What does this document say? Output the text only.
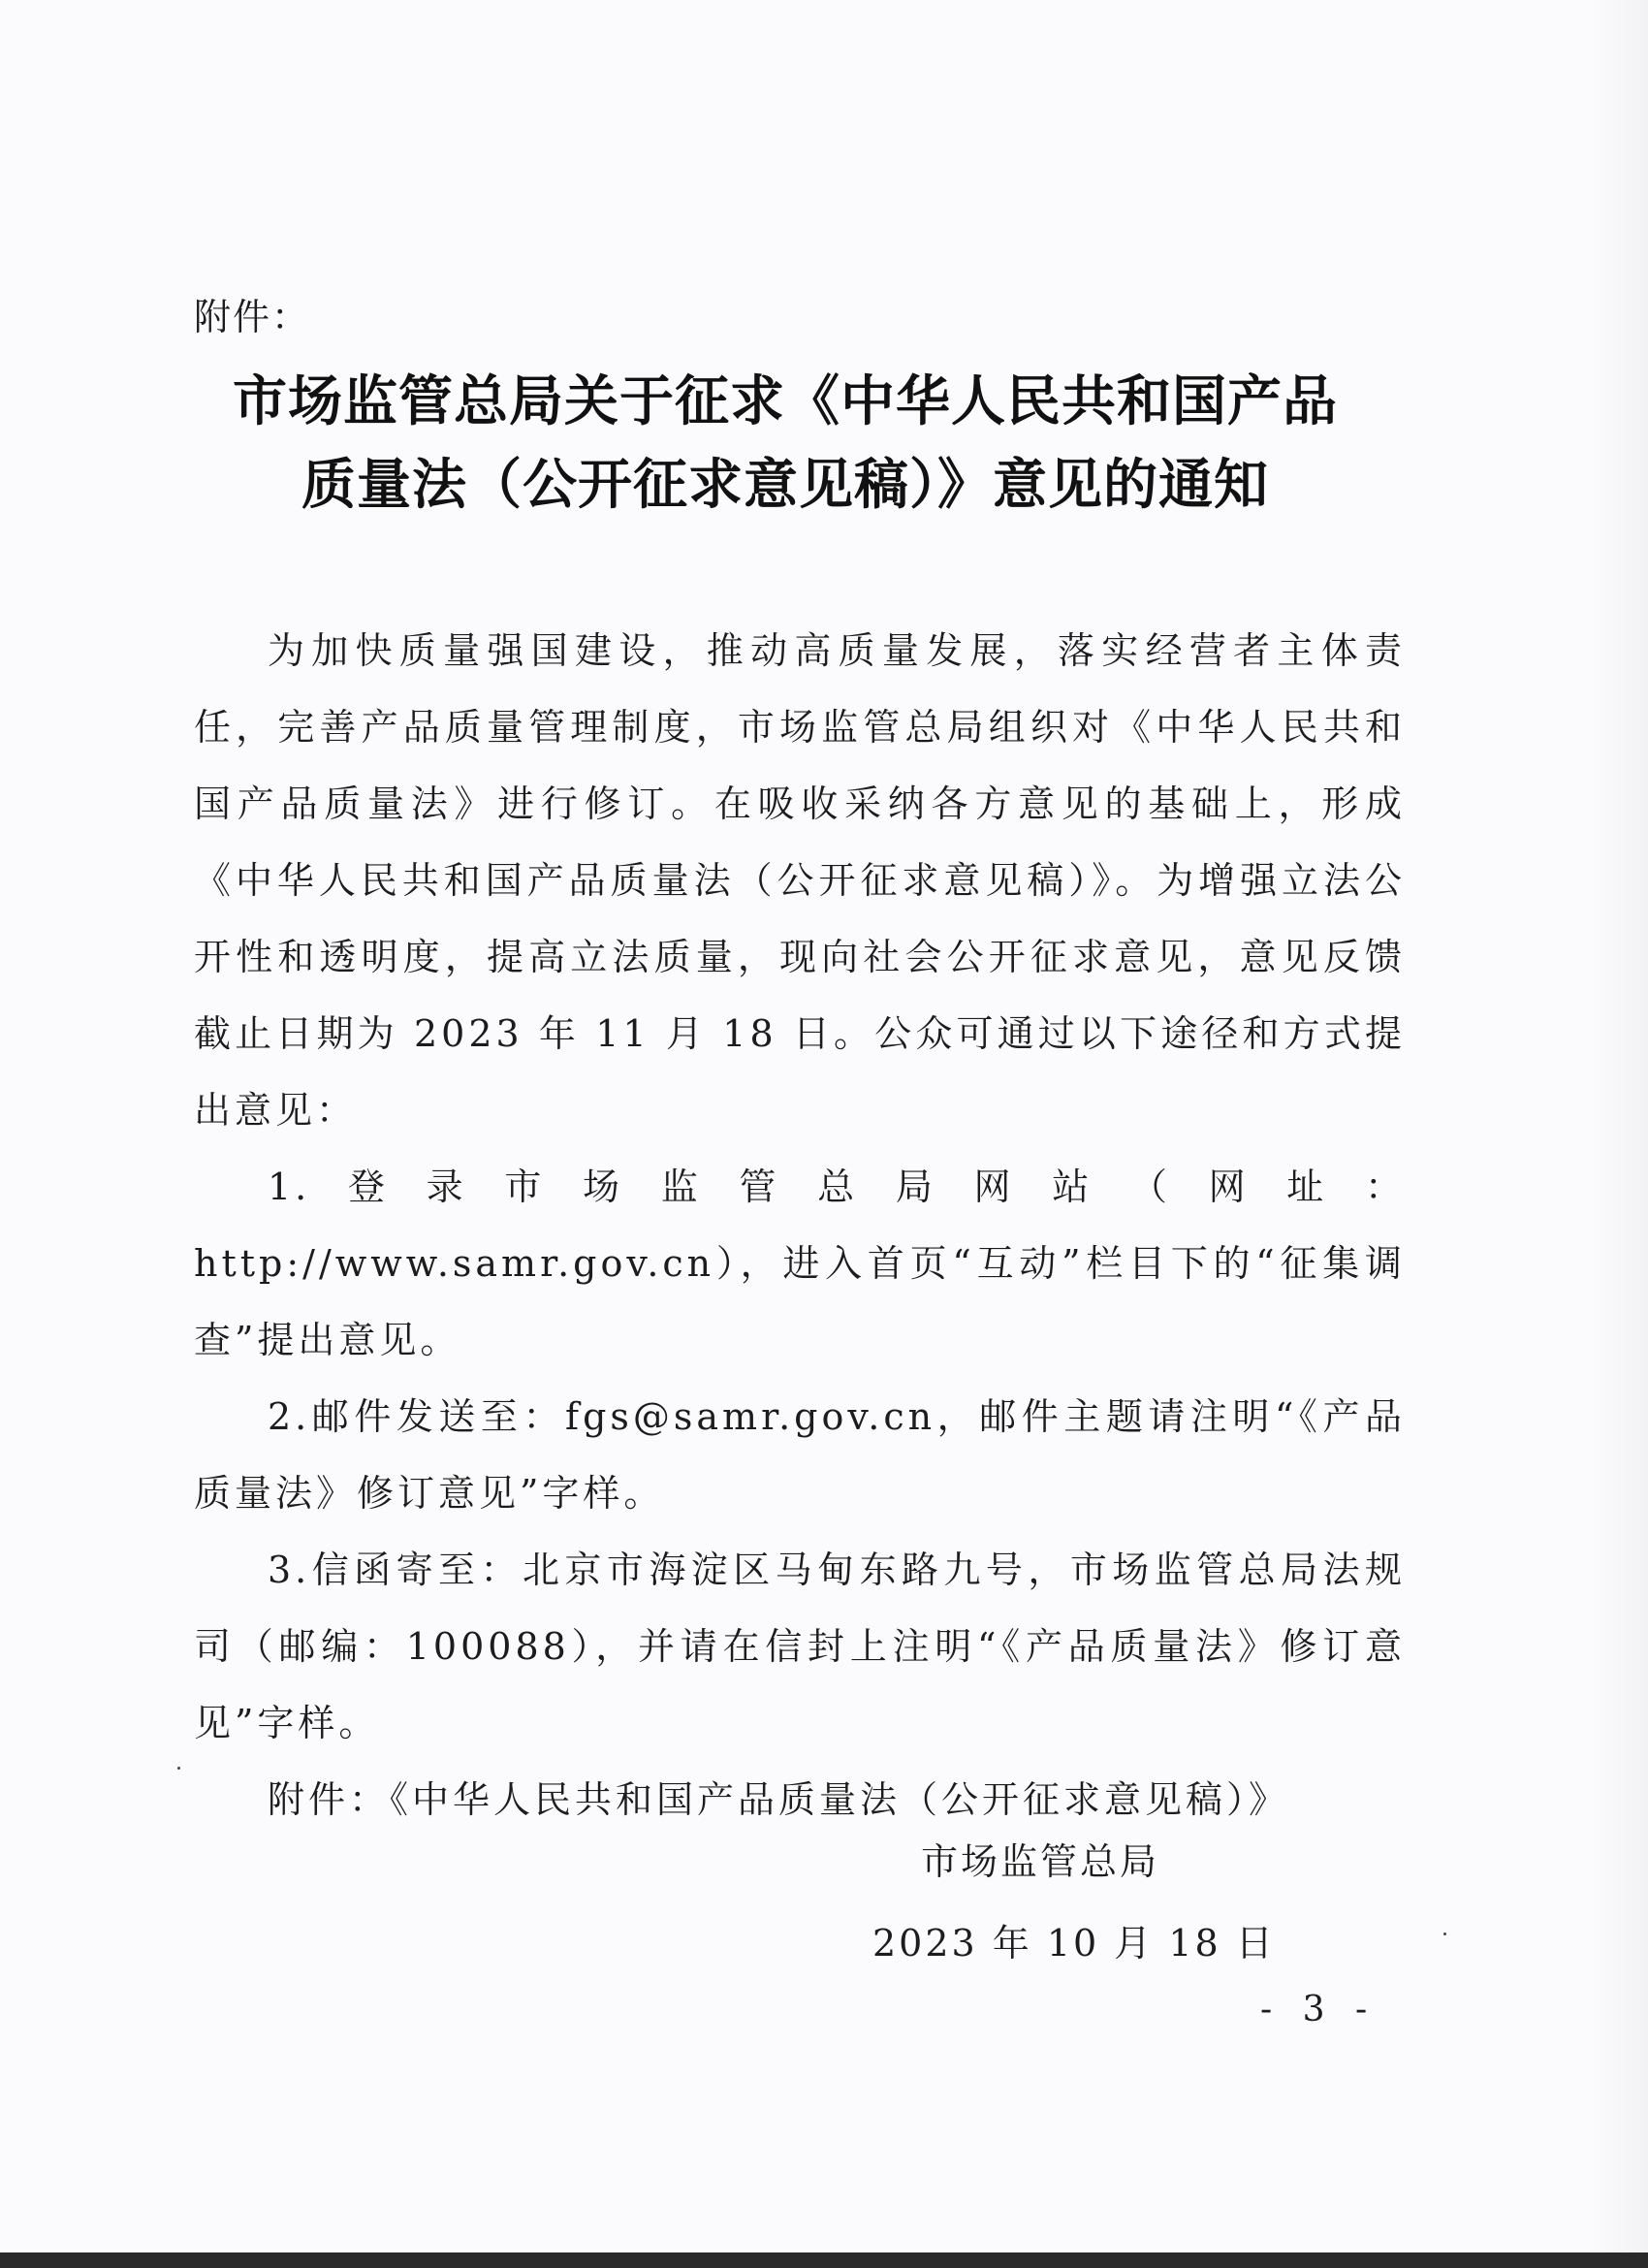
附件：
市场监管总局关于征求《中华人民共和国产品
质量法（公开征求意见稿）》意见的通知

为加快质量强国建设，推动高质量发展，落实经营者主体责任，完善产品质量管理制度，市场监管总局组织对《中华人民共和国产品质量法》进行修订。在吸收采纳各方意见的基础上，形成《中华人民共和国产品质量法（公开征求意见稿）》。为增强立法公开性和透明度，提高立法质量，现向社会公开征求意见，意见反馈截止日期为 2023 年 11 月 18 日。公众可通过以下途径和方式提出意见：

1.登录市场监管总局网站（网址：http://www.samr.gov.cn），进入首页“互动”栏目下的“征集调查”提出意见。

2.邮件发送至：fgs@samr.gov.cn，邮件主题请注明“《产品质量法》修订意见”字样。

3.信函寄至：北京市海淀区马甸东路九号，市场监管总局法规司（邮编：100088），并请在信封上注明“《产品质量法》修订意见”字样。

附件：《中华人民共和国产品质量法（公开征求意见稿）》

市场监管总局
2023 年 10 月 18 日
- 3 -
